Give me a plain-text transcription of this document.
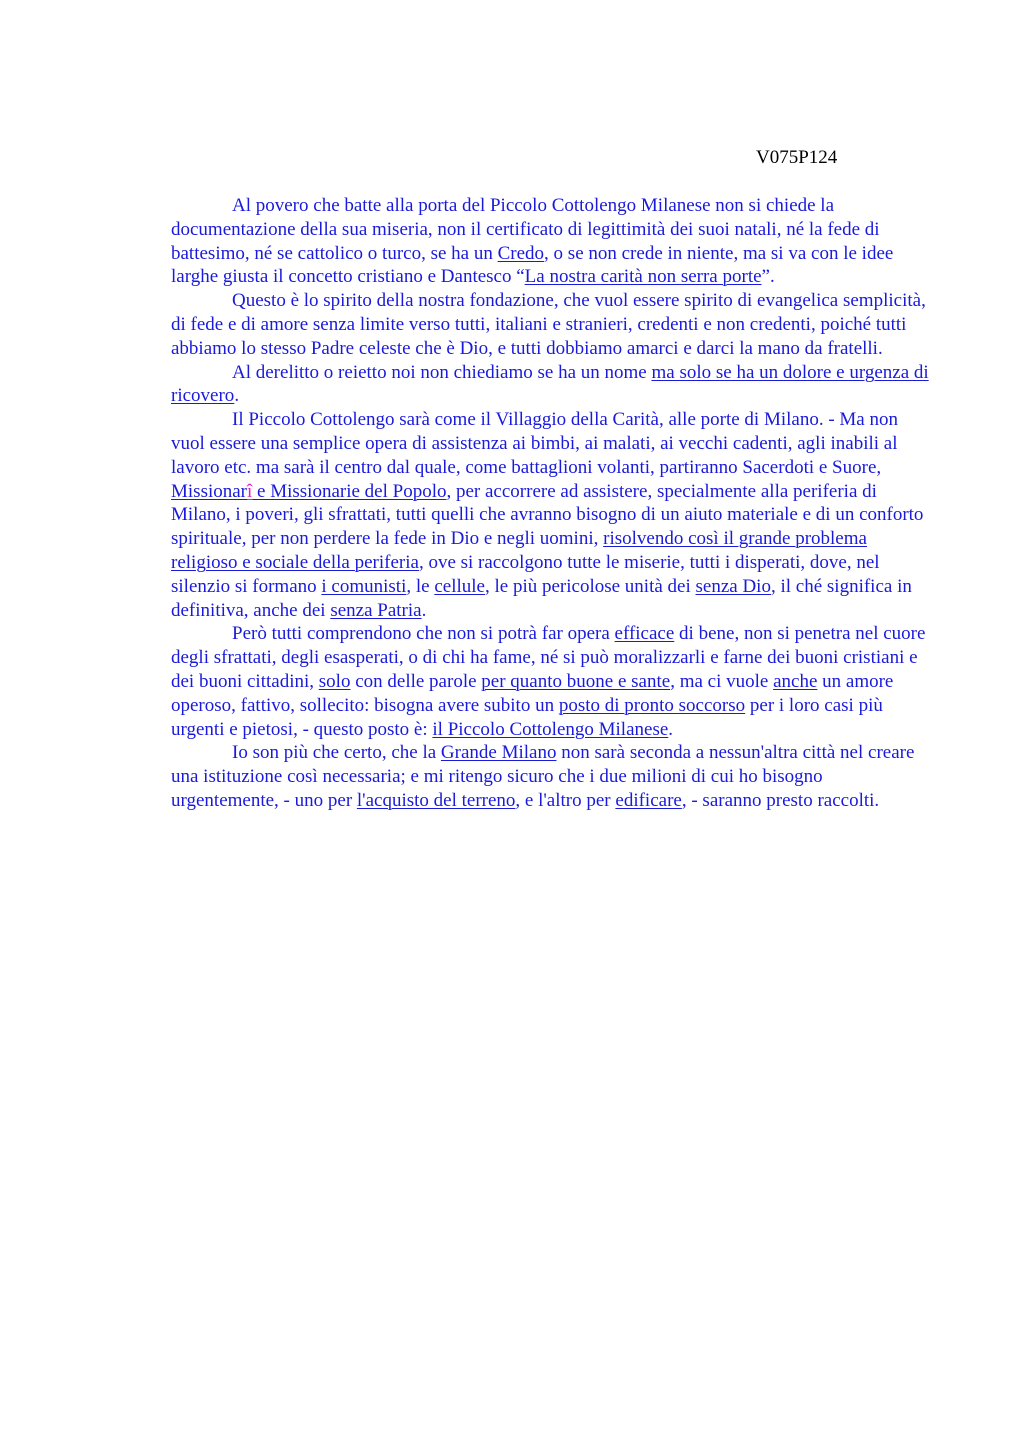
V075P124

Al povero che batte alla porta del Piccolo Cottolengo Milanese non si chiede la documentazione della sua miseria, non il certificato di legittimità dei suoi natali, né la fede di battesimo, né se cattolico o turco, se ha un Credo, o se non crede in niente, ma si va con le idee larghe giusta il concetto cristiano e Dantesco “La nostra carità non serra porte”.

Questo è lo spirito della nostra fondazione, che vuol essere spirito di evangelica semplicità, di fede e di amore senza limite verso tutti, italiani e stranieri, credenti e non credenti, poiché tutti abbiamo lo stesso Padre celeste che è Dio, e tutti dobbiamo amarci e darci la mano da fratelli.

Al derelitto o reietto noi non chiediamo se ha un nome ma solo se ha un dolore e urgenza di ricovero.

Il Piccolo Cottolengo sarà come il Villaggio della Carità, alle porte di Milano. - Ma non vuol essere una semplice opera di assistenza ai bimbi, ai malati, ai vecchi cadenti, agli inabili al lavoro etc. ma sarà il centro dal quale, come battaglioni volanti, partiranno Sacerdoti e Suore, Missionarî e Missionarie del Popolo, per accorrere ad assistere, specialmente alla periferia di Milano, i poveri, gli sfrattati, tutti quelli che avranno bisogno di un aiuto materiale e di un conforto spirituale, per non perdere la fede in Dio e negli uomini, risolvendo così il grande problema religioso e sociale della periferia, ove si raccolgono tutte le miserie, tutti i disperati, dove, nel silenzio si formano i comunisti, le cellule, le più pericolose unità dei senza Dio, il ché significa in definitiva, anche dei senza Patria.

Però tutti comprendono che non si potrà far opera efficace di bene, non si penetra nel cuore degli sfrattati, degli esasperati, o di chi ha fame, né si può moralizzarli e farne dei buoni cristiani e dei buoni cittadini, solo con delle parole per quanto buone e sante, ma ci vuole anche un amore operoso, fattivo, sollecito: bisogna avere subito un posto di pronto soccorso per i loro casi più urgenti e pietosi, - questo posto è: il Piccolo Cottolengo Milanese.

Io son più che certo, che la Grande Milano non sarà seconda a nessun'altra città nel creare una istituzione così necessaria; e mi ritengo sicuro che i due milioni di cui ho bisogno urgentemente, - uno per l'acquisto del terreno, e l'altro per edificare, - saranno presto raccolti.
